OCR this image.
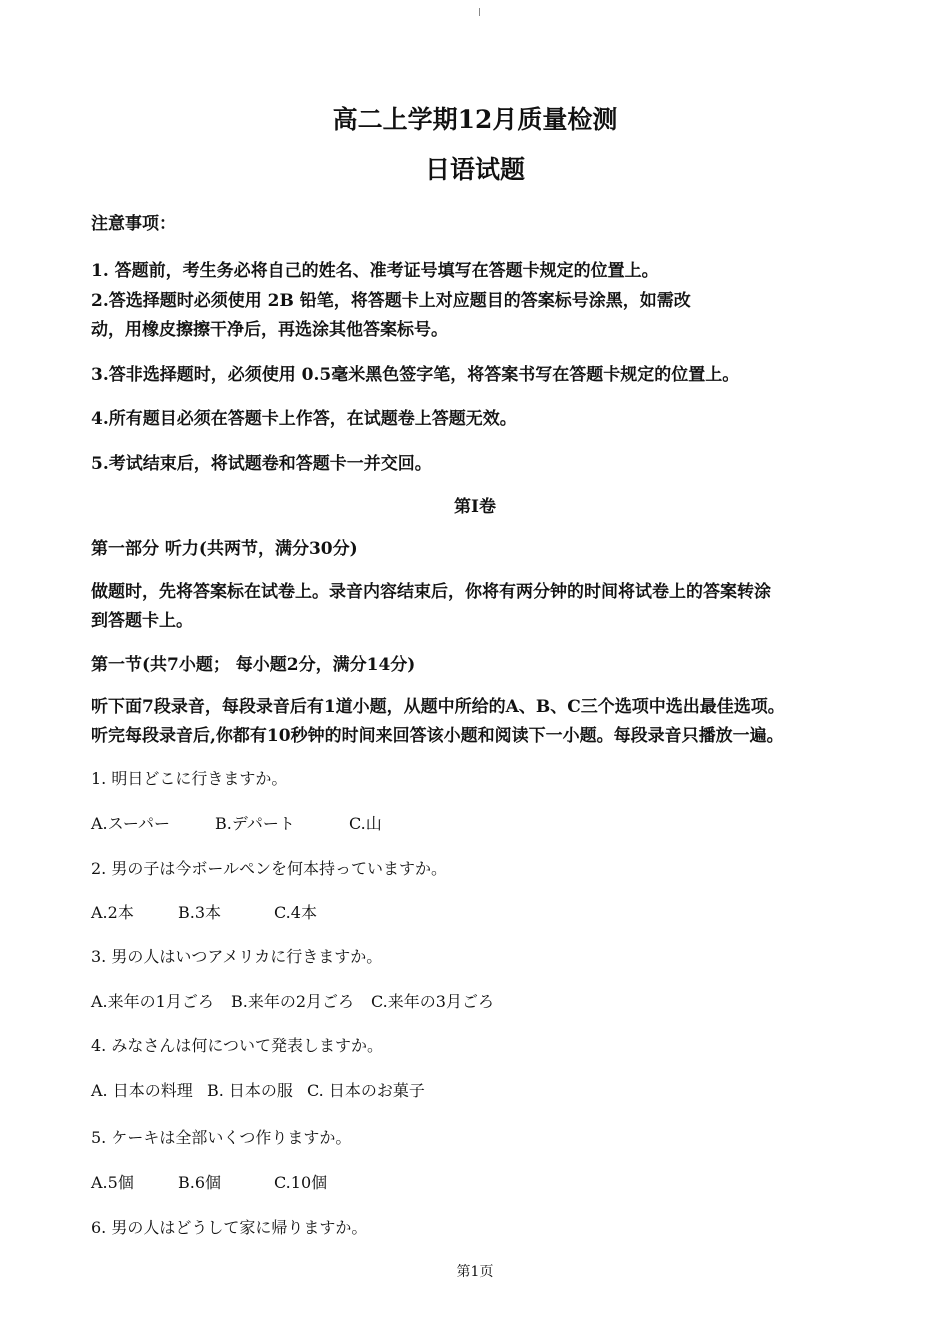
高二上学期12月质量检测
日语试题
注意事项：
1. 答题前，考生务必将自己的姓名、准考证号填写在答题卡规定的位置上。
2.答选择题时必须使用 2B 铅笔，将答题卡上对应题目的答案标号涂黑，如需改
动，用橡皮擦擦干净后，再选涂其他答案标号。
3.答非选择题时，必须使用 0.5毫米黑色签字笔，将答案书写在答题卡规定的位置上。
4.所有题目必须在答题卡上作答，在试题卷上答题无效。
5.考试结束后，将试题卷和答题卡一并交回。
第Ⅰ卷
第一部分 听力(共两节，满分30分)
做题时，先将答案标在试卷上。录音内容结束后，你将有两分钟的时间将试卷上的答案转涂
到答题卡上。
第一节(共7小题； 每小题2分，满分14分)
听下面7段录音，每段录音后有1道小题，从题中所给的A、B、C三个选项中选出最佳选项。
听完每段录音后,你都有10秒钟的时间来回答该小题和阅读下一小题。每段录音只播放一遍。
1. 明日どこに行きますか。
A.スーパー	B.デパート	C.山
2. 男の子は今ボールペンを何本持っていますか。
A.2本	B.3本	C.4本
3. 男の人はいつアメリカに行きますか。
A.来年の1月ごろ B.来年の2月ごろ C.来年の3月ごろ
4. みなさんは何について発表しますか。
A. 日本の料理 B. 日本の服 C. 日本のお菓子
5. ケーキは全部いくつ作りますか。
A.5個	B.6個	C.10個
6. 男の人はどうして家に帰りますか。
第1页
